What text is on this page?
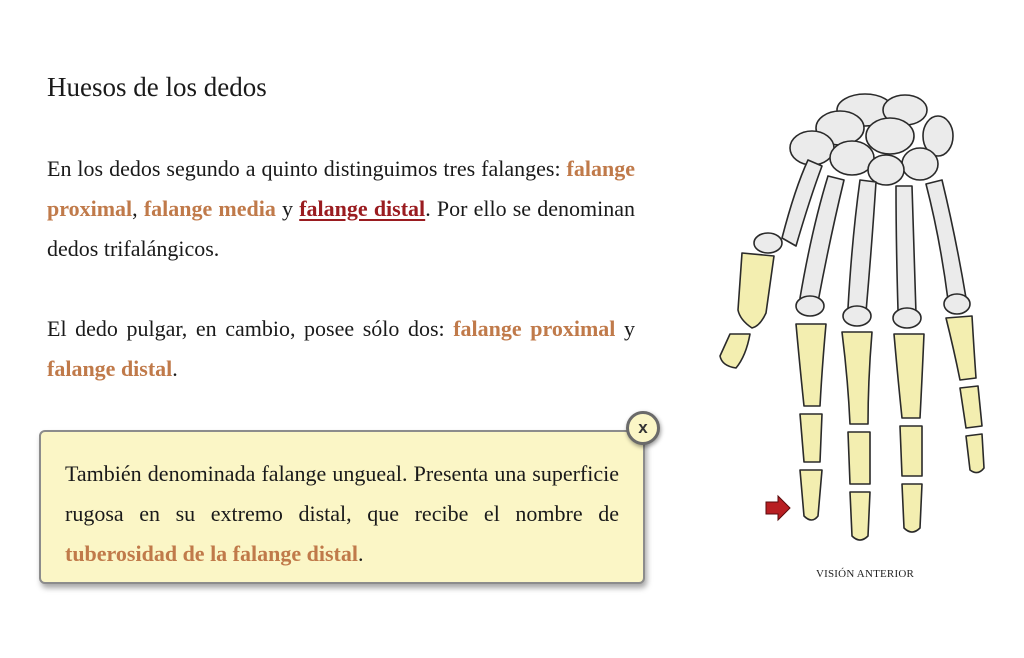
Huesos de los dedos

En los dedos segundo a quinto distinguimos tres falanges: falange proximal, falange media y falange distal. Por ello se denominan dedos trifalángicos.

El dedo pulgar, en cambio, posee sólo dos: falange proximal y falange distal.

También denominada falange ungueal. Presenta una superficie rugosa en su extremo distal, que recibe el nombre de tuberosidad de la falange distal.

x
VISIÓN ANTERIOR
